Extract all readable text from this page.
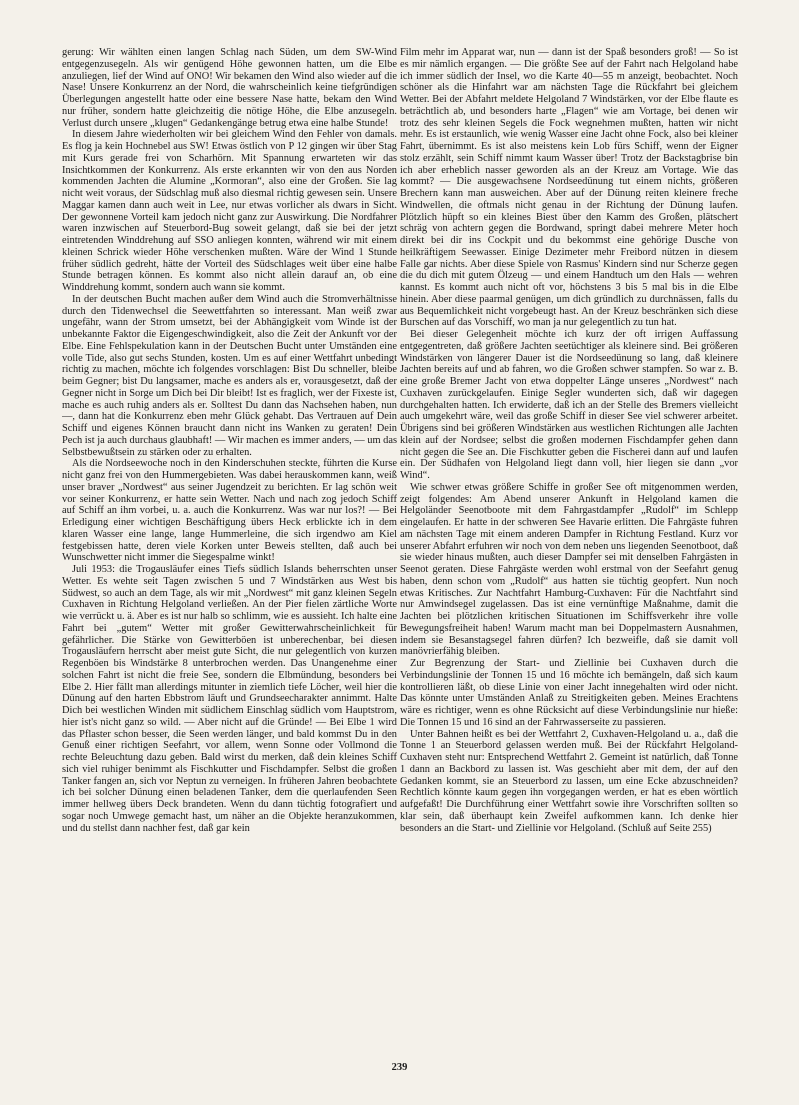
gerung: Wir wählten einen langen Schlag nach Süden, um dem SW-Wind entgegenzusegeln. Als wir genügend Höhe gewonnen hatten, um die Elbe anzuliegen, lief der Wind auf ONO! Wir bekamen den Wind also wieder auf die Nase! Unsere Konkurrenz an der Nord, die wahrscheinlich keine tiefgründigen Überlegungen angestellt hatte oder eine bessere Nase hatte, bekam den Wind nur früher, sondern hatte gleichzeitig die nötige Höhe, die Elbe anzusegeln. Verlust durch unsere „klugen“ Gedankengänge betrug etwa eine halbe Stunde!

In diesem Jahre wiederholten wir bei gleichem Wind den Fehler von damals. Es flog ja kein Hochnebel aus SW! Etwas östlich von P 12 gingen wir über Stag mit Kurs gerade frei von Scharhörn. Mit Spannung erwarteten wir das Insichtkommen der Konkurrenz. Als erste erkannten wir von den aus Norden kommenden Jachten die Alumine „Kormoran“, also eine der Großen. Sie lag nicht weit voraus, der Südschlag muß also diesmal richtig gewesen sein. Unsere Maggar kamen dann auch weit in Lee, nur etwas vorlicher als dwars in Sicht. Der gewonnene Vorteil kam jedoch nicht ganz zur Auswirkung. Die Nordfahrer waren inzwischen auf Steuerbord-Bug soweit gelangt, daß sie bei der jetzt eintretenden Winddrehung auf SSO anliegen konnten, während wir mit einem kleinen Schrick wieder Höhe verschenken mußten. Wäre der Wind 1 Stunde früher südlich gedreht, hätte der Vorteil des Südschlages weit über eine halbe Stunde betragen können. Es kommt also nicht allein darauf an, ob eine Winddrehung kommt, sondern auch wann sie kommt.

In der deutschen Bucht machen außer dem Wind auch die Stromverhältnisse durch den Tidenwechsel die Seewettfahrten so interessant. Man weiß zwar ungefähr, wann der Strom umsetzt, bei der Abhängigkeit vom Winde ist der unbekannte Faktor die Eigengeschwindigkeit, also die Zeit der Ankunft vor der Elbe. Eine Fehlspekulation kann in der Deutschen Bucht unter Umständen eine volle Tide, also gut sechs Stunden, kosten. Um es auf einer Wettfahrt unbedingt richtig zu machen, möchte ich folgendes vorschlagen: Bist Du schneller, bleibe beim Gegner; bist Du langsamer, mache es anders als er, vorausgesetzt, daß der Gegner nicht in Sorge um Dich bei Dir bleibt! Ist es fraglich, wer der Fixeste ist, mache es auch ruhig anders als er. Solltest Du dann das Nachsehen haben, nun —, dann hat die Konkurrenz eben mehr Glück gehabt. Das Vertrauen auf Dein Schiff und eigenes Können braucht dann nicht ins Wanken zu geraten! Dein Pech ist ja auch durchaus glaubhaft! — Wir machen es immer anders, — um das Selbstbewußtsein zu stärken oder zu erhalten.

Als die Nordseewoche noch in den Kinderschuhen steckte, führten die Kurse nicht ganz frei von den Hummergebieten. Was dabei herauskommen kann, weiß unser braver „Nordwest“ aus seiner Jugendzeit zu berichten. Er lag schön weit vor seiner Konkurrenz, er hatte sein Wetter. Nach und nach zog jedoch Schiff auf Schiff an ihm vorbei, u. a. auch die Konkurrenz. Was war nur los?! — Bei Erledigung einer wichtigen Beschäftigung übers Heck erblickte ich in dem klaren Wasser eine lange, lange Hummerleine, die sich irgendwo am Kiel festgebissen hatte, deren viele Korken unter Beweis stellten, daß auch bei Wunschwetter nicht immer die Siegespalme winkt!

Juli 1953: die Trogausläufer eines Tiefs südlich Islands beherrschten unser Wetter. Es wehte seit Tagen zwischen 5 und 7 Windstärken aus West bis Südwest, so auch an dem Tage, als wir mit „Nordwest“ mit ganz kleinen Segeln Cuxhaven in Richtung Helgoland verließen. An der Pier fielen zärtliche Worte wie verrückt u. ä. Aber es ist nur halb so schlimm, wie es aussieht. Ich halte eine Fahrt bei „gutem“ Wetter mit großer Gewitterwahrscheinlichkeit für gefährlicher. Die Stärke von Gewitterböen ist unberechenbar, bei diesen Trogausläufern herrscht aber meist gute Sicht, die nur gelegentlich von kurzen Regenböen bis Windstärke 8 unterbrochen werden. Das Unangenehme einer solchen Fahrt ist nicht die freie See, sondern die Elbmündung, besonders bei Elbe 2. Hier fällt man allerdings mitunter in ziemlich tiefe Löcher, weil hier die Dünung auf den harten Ebbstrom läuft und Grundseecharakter annimmt. Halte Dich bei westlichen Winden mit südlichem Einschlag südlich vom Hauptstrom, hier ist's nicht ganz so wild. — Aber nicht auf die Gründe! — Bei Elbe 1 wird das Pflaster schon besser, die Seen werden länger, und bald kommst Du in den Genuß einer richtigen Seefahrt, vor allem, wenn Sonne oder Vollmond die rechte Beleuchtung dazu geben. Bald wirst du merken, daß dein kleines Schiff sich viel ruhiger benimmt als Fischkutter und Fischdampfer. Selbst die großen Tanker fangen an, sich vor Neptun zu verneigen. In früheren Jahren beobachtete ich bei solcher Dünung einen beladenen Tanker, dem die querlaufenden Seen immer hellweg übers Deck brandeten. Wenn du dann tüchtig fotografiert und sogar noch Umwege gemacht hast, um näher an die Objekte heranzukommen, und du stellst dann nachher fest, daß gar kein

Film mehr im Apparat war, nun — dann ist der Spaß besonders groß! — So ist es mir nämlich ergangen. — Die größte See auf der Fahrt nach Helgoland habe ich immer südlich der Insel, wo die Karte 40—55 m anzeigt, beobachtet. Noch schöner als die Hinfahrt war am nächsten Tage die Rückfahrt bei gleichem Wetter. Bei der Abfahrt meldete Helgoland 7 Windstärken, vor der Elbe flaute es beträchtlich ab, und besonders harte „Flagen“ wie am Vortage, bei denen wir trotz des sehr kleinen Segels die Fock wegnehmen mußten, hatten wir nicht mehr. Es ist erstaunlich, wie wenig Wasser eine Jacht ohne Fock, also bei kleiner Fahrt, übernimmt. Es ist also meistens kein Lob fürs Schiff, wenn der Eigner stolz erzählt, sein Schiff nimmt kaum Wasser über! Trotz der Backstagbrise bin ich aber erheblich nasser geworden als an der Kreuz am Vortage. Wie das kommt? — Die ausgewachsene Nordseedünung tut einem nichts, größeren Brechern kann man ausweichen. Aber auf der Dünung reiten kleinere freche Windwellen, die oftmals nicht genau in der Richtung der Dünung laufen. Plötzlich hüpft so ein kleines Biest über den Kamm des Großen, plätschert schräg von achtern gegen die Bordwand, springt dabei mehrere Meter hoch direkt bei dir ins Cockpit und du bekommst eine gehörige Dusche von heilkräftigem Seewasser. Einige Dezimeter mehr Freibord nützen in diesem Falle gar nichts. Aber diese Spiele von Rasmus' Kindern sind nur Scherze gegen die du dich mit gutem Ölzeug — und einem Handtuch um den Hals — wehren kannst. Es kommt auch nicht oft vor, höchstens 3 bis 5 mal bis in die Elbe hinein. Aber diese paarmal genügen, um dich gründlich zu durchnässen, falls du aus Bequemlichkeit nicht vorgebeugt hast. An der Kreuz beschränken sich diese Burschen auf das Vorschiff, wo man ja nur gelegentlich zu tun hat.

Bei dieser Gelegenheit möchte ich kurz der oft irrigen Auffassung entgegentreten, daß größere Jachten seetüchtiger als kleinere sind. Bei größeren Windstärken von längerer Dauer ist die Nordseedünung so lang, daß kleinere Jachten bereits auf und ab fahren, wo die Großen schwer stampfen. So war z. B. eine große Bremer Jacht von etwa doppelter Länge unseres „Nordwest“ nach Cuxhaven zurückgelaufen. Einige Segler wunderten sich, daß wir dagegen durchgehalten hatten. Ich erwiderte, daß ich an der Stelle des Bremers vielleicht auch umgekehrt wäre, weil das große Schiff in dieser See viel schwerer arbeitet. Übrigens sind bei größeren Windstärken aus westlichen Richtungen alle Jachten klein auf der Nordsee; selbst die großen modernen Fischdampfer gehen dann nicht gegen die See an. Die Fischkutter geben die Fischerei dann auf und laufen ein. Der Südhafen von Helgoland liegt dann voll, hier liegen sie dann „vor Wind“.

Wie schwer etwas größere Schiffe in großer See oft mitgenommen werden, zeigt folgendes: Am Abend unserer Ankunft in Helgoland kamen die Helgoländer Seenotboote mit dem Fahrgastdampfer „Rudolf“ im Schlepp eingelaufen. Er hatte in der schweren See Havarie erlitten. Die Fahrgäste fuhren am nächsten Tage mit einem anderen Dampfer in Richtung Festland. Kurz vor unserer Abfahrt erfuhren wir noch von dem neben uns liegenden Seenotboot, daß sie wieder hinaus mußten, auch dieser Dampfer sei mit denselben Fahrgästen in Seenot geraten. Diese Fahrgäste werden wohl erstmal von der Seefahrt genug haben, denn schon vom „Rudolf“ aus hatten sie tüchtig geopfert. Nun noch etwas Kritisches. Zur Nachtfahrt Hamburg-Cuxhaven: Für die Nachtfahrt sind nur Amwindsegel zugelassen. Das ist eine vernünftige Maßnahme, damit die Jachten bei plötzlichen kritischen Situationen im Schiffsverkehr ihre volle Bewegungsfreiheit haben! Warum macht man bei Doppelmastern Ausnahmen, indem sie Besanstagsegel fahren dürfen? Ich bezweifle, daß sie damit voll manövrierfähig bleiben.

Zur Begrenzung der Start- und Ziellinie bei Cuxhaven durch die Verbindungslinie der Tonnen 15 und 16 möchte ich bemängeln, daß sich kaum kontrollieren läßt, ob diese Linie von einer Jacht innegehalten wird oder nicht. Das könnte unter Umständen Anlaß zu Streitigkeiten geben. Meines Erachtens wäre es richtiger, wenn es ohne Rücksicht auf diese Verbindungslinie nur hieße: Die Tonnen 15 und 16 sind an der Fahrwasserseite zu passieren.

Unter Bahnen heißt es bei der Wettfahrt 2, Cuxhaven-Helgoland u. a., daß die Tonne 1 an Steuerbord gelassen werden muß. Bei der Rückfahrt Helgoland-Cuxhaven steht nur: Entsprechend Wettfahrt 2. Gemeint ist natürlich, daß Tonne 1 dann an Backbord zu lassen ist. Was geschieht aber mit dem, der auf den Gedanken kommt, sie an Steuerbord zu lassen, um eine Ecke abzuschneiden? Rechtlich könnte kaum gegen ihn vorgegangen werden, er hat es eben wörtlich aufgefaßt! Die Durchführung einer Wettfahrt sowie ihre Vorschriften sollten so klar sein, daß überhaupt kein Zweifel aufkommen kann. Ich denke hier besonders an die Start- und Ziellinie vor Helgoland. (Schluß auf Seite 255)

239
